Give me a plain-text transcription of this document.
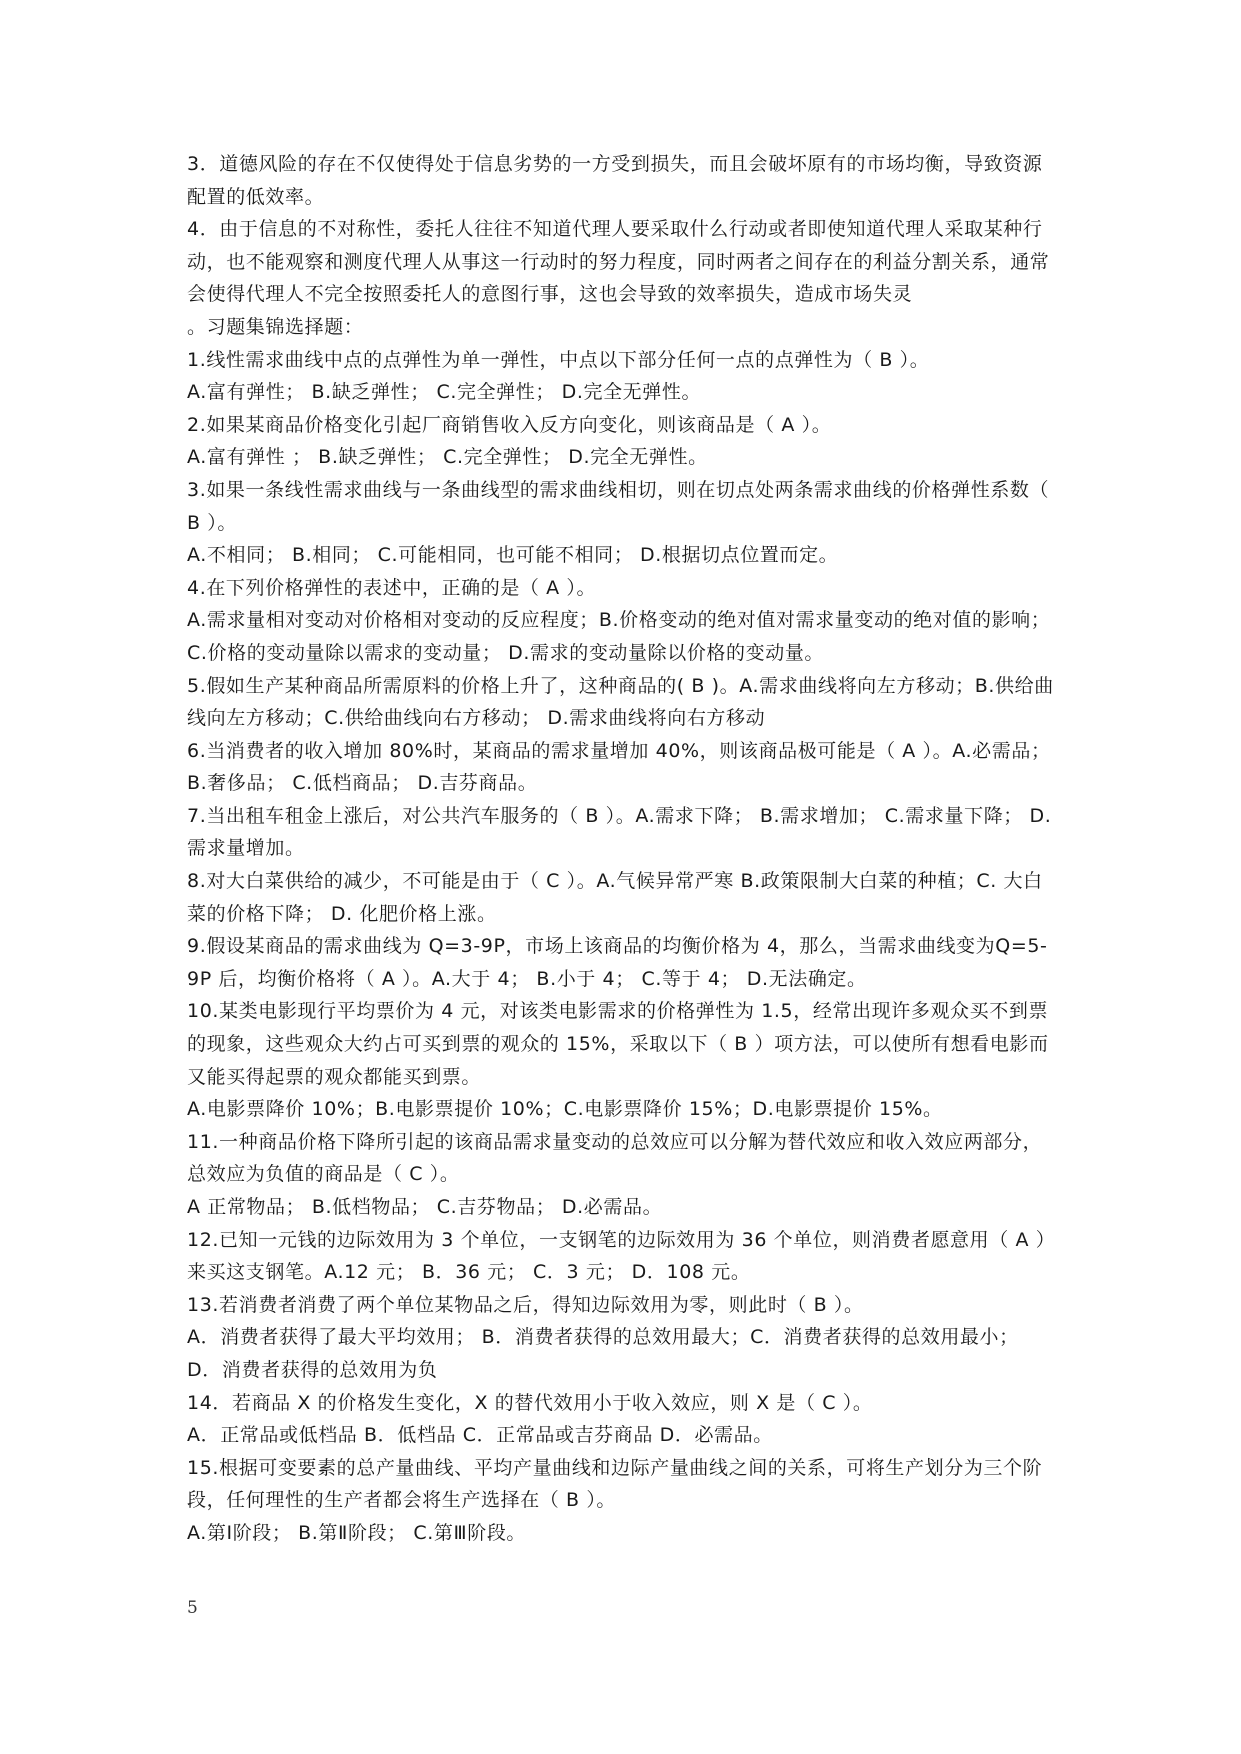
3．道德风险的存在不仅使得处于信息劣势的一方受到损失，而且会破坏原有的市场均衡，导致资源配置的低效率。

4．由于信息的不对称性，委托人往往不知道代理人要采取什么行动或者即使知道代理人采取某种行动，也不能观察和测度代理人从事这一行动时的努力程度，同时两者之间存在的利益分割关系，通常会使得代理人不完全按照委托人的意图行事，这也会导致的效率损失，造成市场失灵

。习题集锦选择题：

1.线性需求曲线中点的点弹性为单一弹性，中点以下部分任何一点的点弹性为（ B ）。

A.富有弹性； B.缺乏弹性； C.完全弹性； D.完全无弹性。

2.如果某商品价格变化引起厂商销售收入反方向变化，则该商品是（ A ）。

A.富有弹性 ； B.缺乏弹性； C.完全弹性； D.完全无弹性。

3.如果一条线性需求曲线与一条曲线型的需求曲线相切，则在切点处两条需求曲线的价格弹性系数（ B ）。

A.不相同； B.相同； C.可能相同，也可能不相同； D.根据切点位置而定。

4.在下列价格弹性的表述中，正确的是（ A ）。

A.需求量相对变动对价格相对变动的反应程度；B.价格变动的绝对值对需求量变动的绝对值的影响；C.价格的变动量除以需求的变动量； D.需求的变动量除以价格的变动量。

5.假如生产某种商品所需原料的价格上升了，这种商品的( B )。A.需求曲线将向左方移动；B.供给曲线向左方移动；C.供给曲线向右方移动； D.需求曲线将向右方移动

6.当消费者的收入增加 80%时，某商品的需求量增加 40%，则该商品极可能是（ A ）。A.必需品； B.奢侈品； C.低档商品； D.吉芬商品。

7.当出租车租金上涨后，对公共汽车服务的（ B ）。A.需求下降； B.需求增加； C.需求量下降； D.需求量增加。

8.对大白菜供给的减少，不可能是由于（ C ）。A.气候异常严寒 B.政策限制大白菜的种植；C. 大白菜的价格下降； D. 化肥价格上涨。

9.假设某商品的需求曲线为 Q=3-9P，市场上该商品的均衡价格为 4，那么，当需求曲线变为Q=5-9P 后，均衡价格将（ A ）。A.大于 4； B.小于 4； C.等于 4； D.无法确定。

10.某类电影现行平均票价为 4 元，对该类电影需求的价格弹性为 1.5，经常出现许多观众买不到票的现象，这些观众大约占可买到票的观众的 15%，采取以下（ B ）项方法，可以使所有想看电影而又能买得起票的观众都能买到票。

A.电影票降价 10%；B.电影票提价 10%；C.电影票降价 15%；D.电影票提价 15%。

11.一种商品价格下降所引起的该商品需求量变动的总效应可以分解为替代效应和收入效应两部分，总效应为负值的商品是（ C ）。

A 正常物品； B.低档物品； C.吉芬物品； D.必需品。

12.已知一元钱的边际效用为 3 个单位，一支钢笔的边际效用为 36 个单位，则消费者愿意用（ A ）来买这支钢笔。A.12 元； B．36 元； C．3 元； D．108 元。

13.若消费者消费了两个单位某物品之后，得知边际效用为零，则此时（ B ）。

A．消费者获得了最大平均效用； B．消费者获得的总效用最大；C．消费者获得的总效用最小； D．消费者获得的总效用为负

14．若商品 X 的价格发生变化，X 的替代效用小于收入效应，则 X 是（ C ）。

A．正常品或低档品 B．低档品 C．正常品或吉芬商品 D．必需品。

15.根据可变要素的总产量曲线、平均产量曲线和边际产量曲线之间的关系，可将生产划分为三个阶段，任何理性的生产者都会将生产选择在（ B ）。

A.第Ⅰ阶段； B.第Ⅱ阶段； C.第Ⅲ阶段。

5
